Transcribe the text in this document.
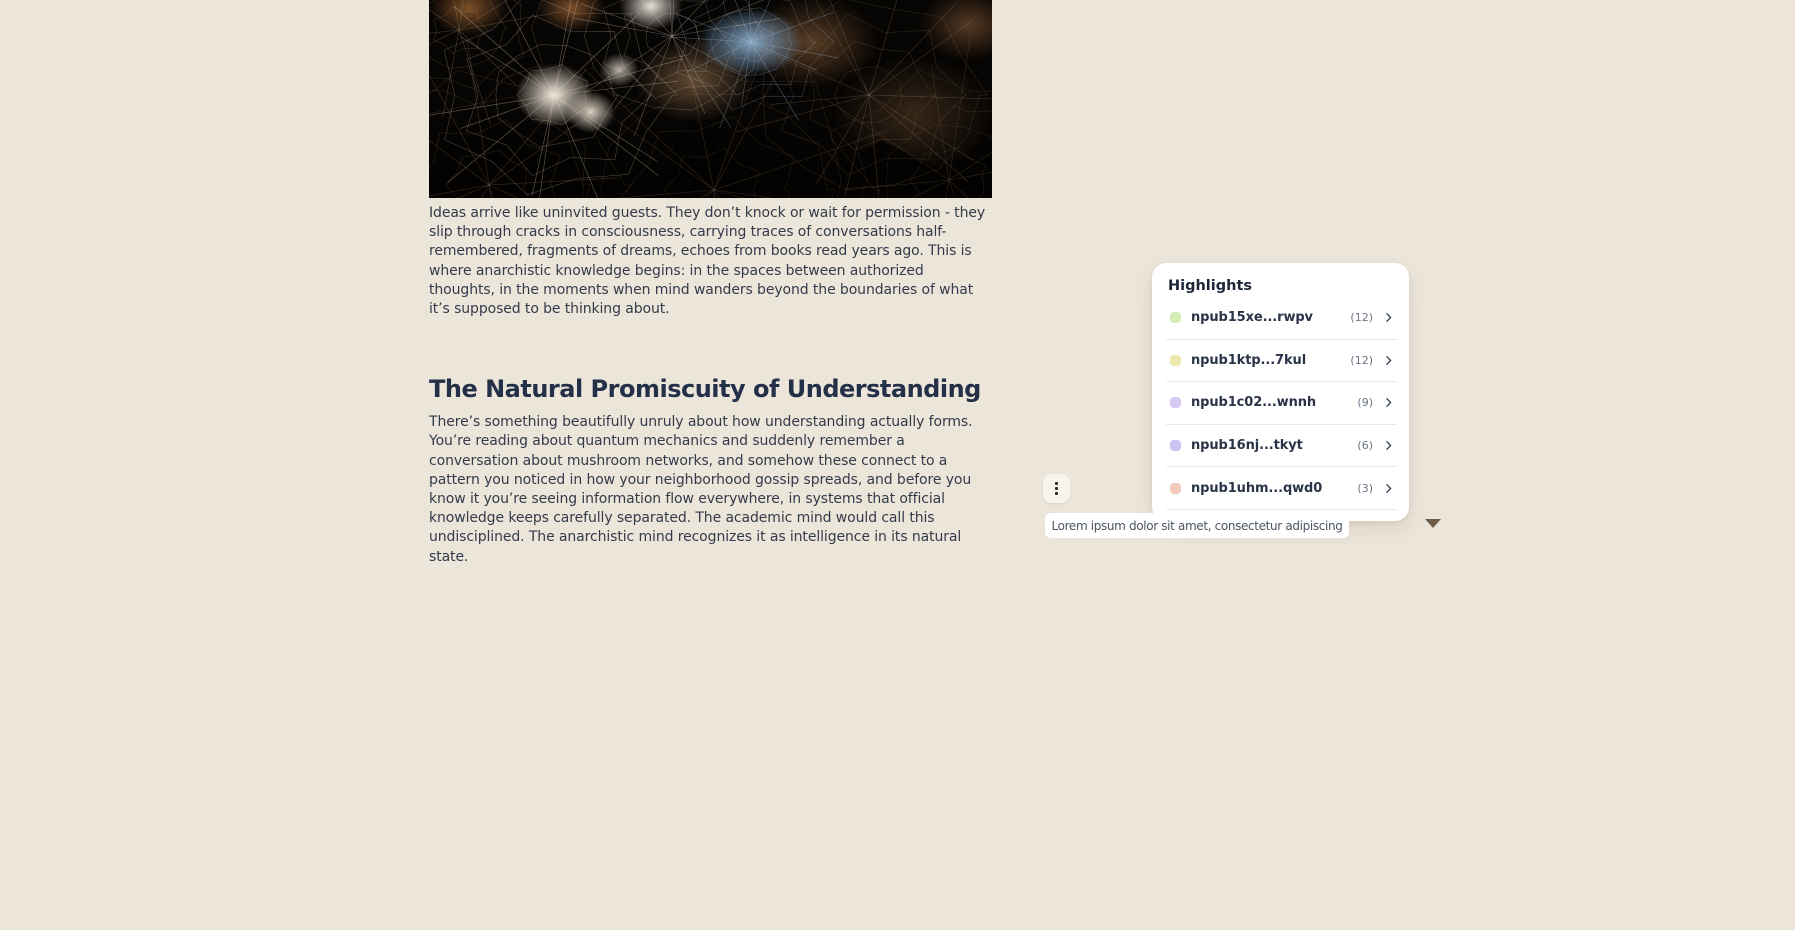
Ideas arrive like uninvited guests. They don’t knock or wait for permission - they slip through cracks in consciousness, carrying traces of conversations half-remembered, fragments of dreams, echoes from books read years ago. This is where anarchistic knowledge begins: in the spaces between authorized thoughts, in the moments when mind wanders beyond the boundaries of what it’s supposed to be thinking about.

The Natural Promiscuity of Understanding

There’s something beautifully unruly about how understanding actually forms. You’re reading about quantum mechanics and suddenly remember a conversation about mushroom networks, and somehow these connect to a pattern you noticed in how your neighborhood gossip spreads, and before you know it you’re seeing information flow everywhere, in systems that official knowledge keeps carefully separated. The academic mind would call this undisciplined. The anarchistic mind recognizes it as intelligence in its natural state.

Highlights
npub15xe...rwpv	(12)
npub1ktp...7kul	(12)
npub1c02...wnnh	(9)
npub16nj...tkyt	(6)
npub1uhm...qwd0	(3)
Lorem ipsum dolor sit amet, consectetur adipiscing
